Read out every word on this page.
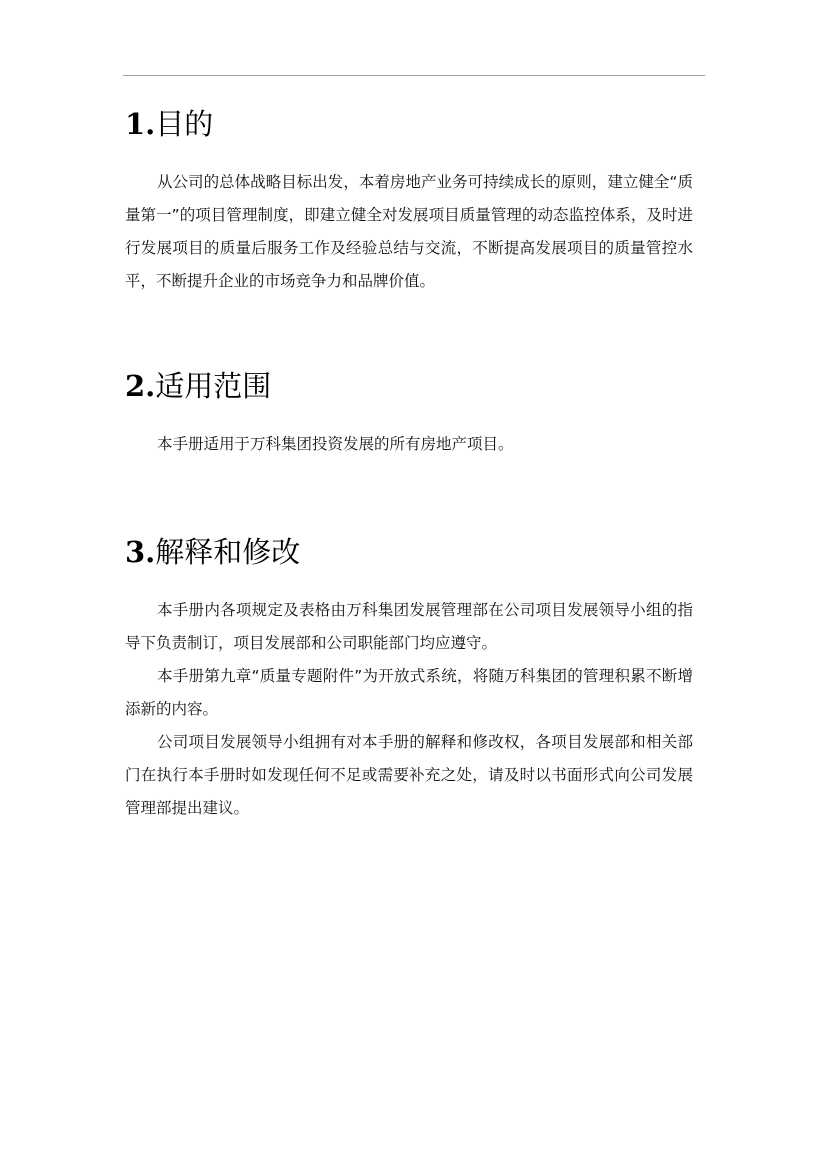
1.目的

从公司的总体战略目标出发，本着房地产业务可持续成长的原则，建立健全“质量第一”的项目管理制度，即建立健全对发展项目质量管理的动态监控体系，及时进行发展项目的质量后服务工作及经验总结与交流，不断提高发展项目的质量管控水平，不断提升企业的市场竞争力和品牌价值。

2.适用范围

本手册适用于万科集团投资发展的所有房地产项目。

3.解释和修改

本手册内各项规定及表格由万科集团发展管理部在公司项目发展领导小组的指导下负责制订，项目发展部和公司职能部门均应遵守。

本手册第九章“质量专题附件”为开放式系统，将随万科集团的管理积累不断增添新的内容。

公司项目发展领导小组拥有对本手册的解释和修改权，各项目发展部和相关部门在执行本手册时如发现任何不足或需要补充之处，请及时以书面形式向公司发展管理部提出建议。
